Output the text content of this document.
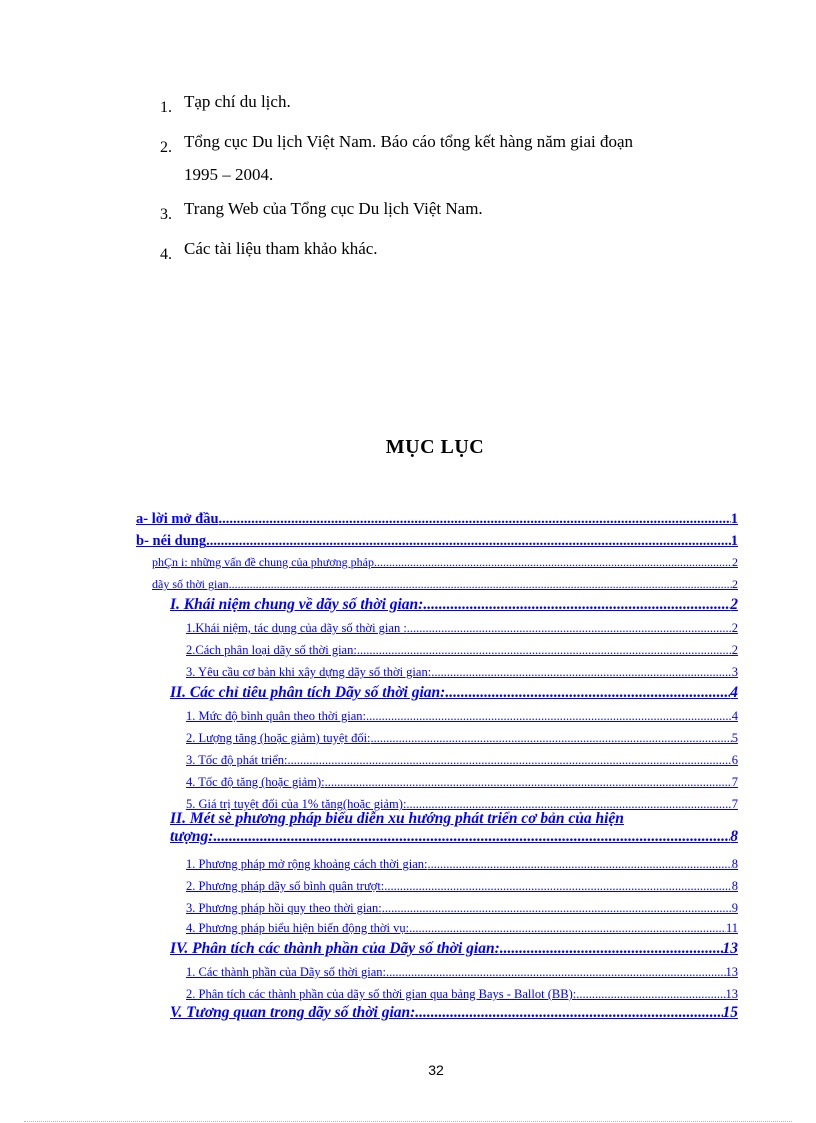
1. Tạp chí du lịch.
2. Tổng cục Du lịch Việt Nam. Báo cáo tổng kết hàng năm giai đoạn
1995 – 2004.
3. Trang Web của Tổng cục Du lịch Việt Nam.
4. Các tài liệu tham khảo khác.
MỤC LỤC
a- lời mở đầu .....	1
b- néi dung .....	1
phÇn i: những vấn đề chung của phương pháp .....	2
dãy số thời gian .....	2
I. Khái niệm chung về dãy số thời gian: .....	2
1.Khái niệm, tác dụng của dãy số thời gian : .....	2
2.Cách phân loại dãy số thời gian: .....	2
3. Yêu cầu cơ bản khi xây dựng dãy số thời gian: .....	3
II. Các chỉ tiêu phân tích Dãy số thời gian: .....	4
1. Mức độ bình quân theo thời gian: .....	4
2. Lượng tăng (hoặc giảm) tuyệt đối: .....	5
3. Tốc độ phát triển: .....	6
4. Tốc độ tăng (hoặc giảm): .....	7
5. Giá trị tuyệt đối của 1% tăng(hoặc giảm): .....	7
II. Mét sè phương pháp biểu diễn xu hướng phát triển cơ bản của hiện
tượng: .....	8
1. Phương pháp mở rộng khoảng cách thời gian: .....	8
2. Phương pháp dãy số bình quân trượt: .....	8
3. Phương pháp hồi quy theo thời gian: .....	9
4. Phương pháp biểu hiện biến động thời vụ: .....	11
IV. Phân tích các thành phần của Dãy số thời gian: .....	13
1. Các thành phần của Dãy số thời gian: .....	13
2. Phân tích các thành phần của dãy số thời gian qua bảng Bays - Ballot (BB): .....	13
V. Tương quan trong dãy số thời gian: .....	15
32
